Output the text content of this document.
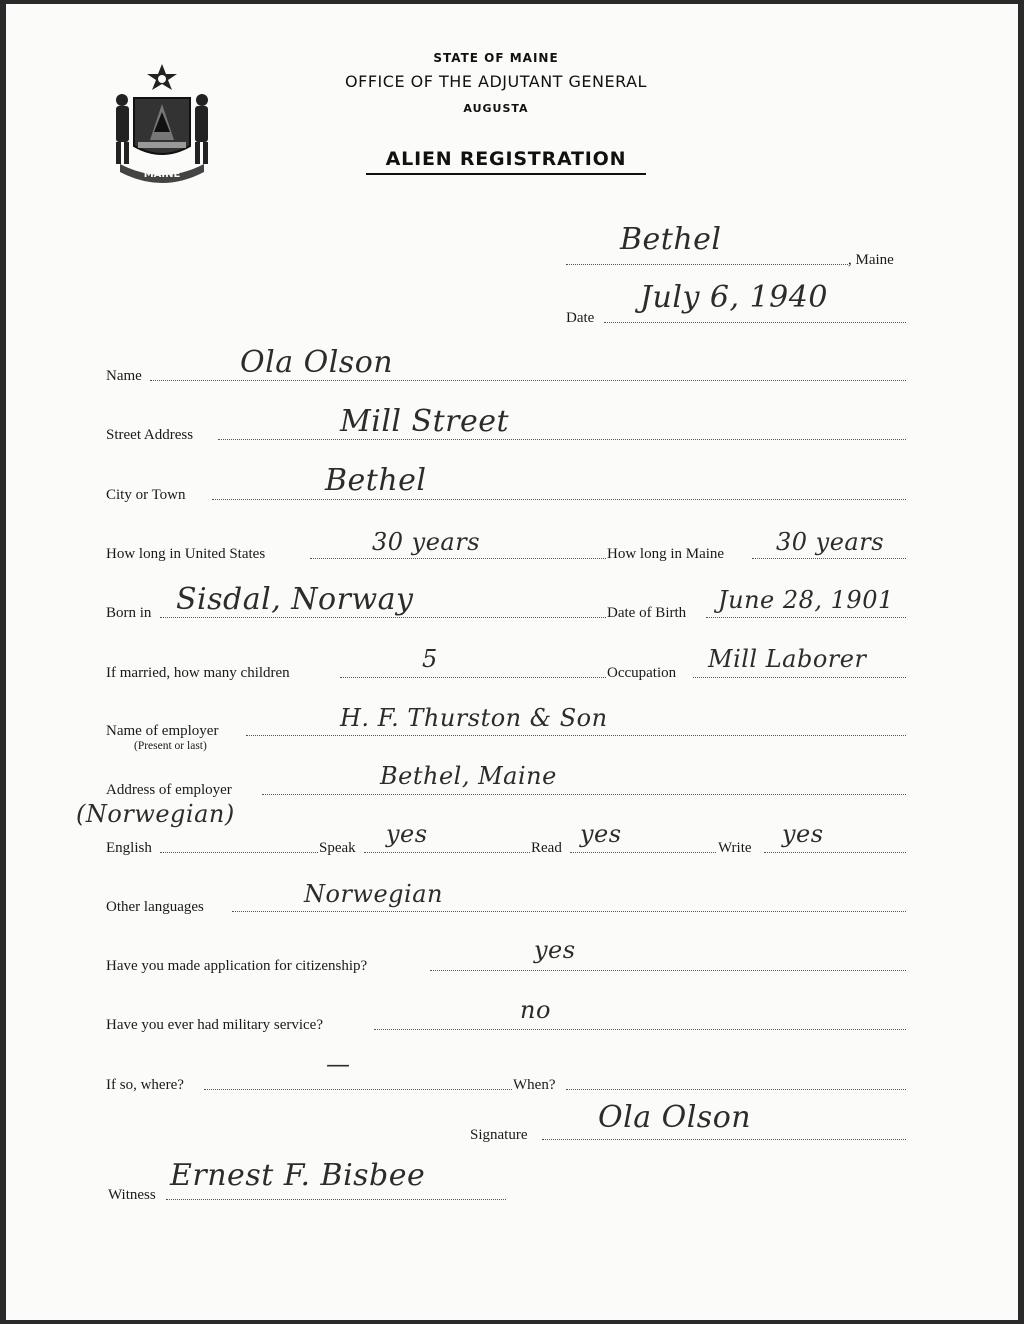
MAINE
STATE OF MAINE
OFFICE OF THE ADJUTANT GENERAL
AUGUSTA
ALIEN REGISTRATION
Bethel
, Maine
Date
July 6, 1940
Name	Ola Olson
Street Address	Mill Street
City or Town	Bethel
How long in United States	30 years	How long in Maine 30 years
Born in Sisdal, Norway	Date of Birth June 28, 1901
If married, how many children	5	Occupation Mill Laborer
Name of employer
(Present or last)
H. F. Thurston & Son
Address of employer	Bethel, Maine
(Norwegian)
English	Speak yes	Read yes	Write yes
Other languages	Norwegian
Have you made application for citizenship?
yes
Have you ever had military service?
no
If so, where?
—
When?
Signature Ola Olson
Witness
Ernest F. Bisbee
